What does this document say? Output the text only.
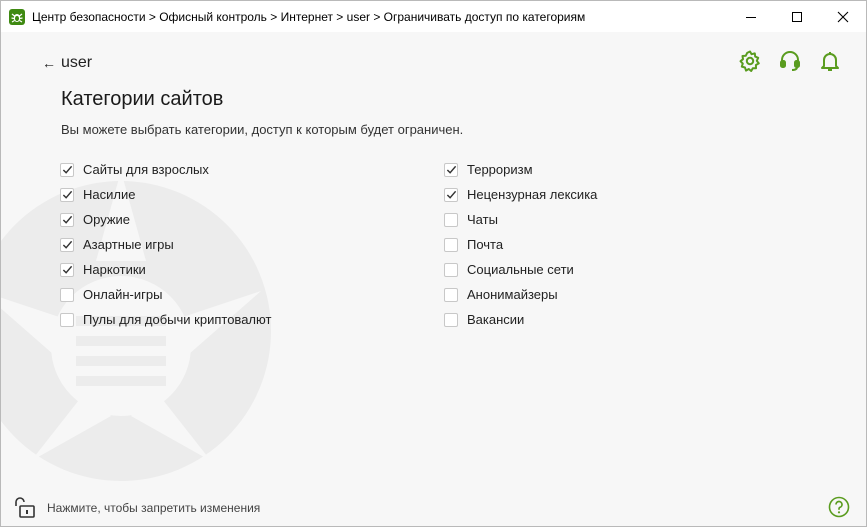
Центр безопасности > Офисный контроль > Интернет > user > Ограничивать доступ по категориям
← user
Категории сайтов
Вы можете выбрать категории, доступ к которым будет ограничен.
Сайты для взрослых
Насилие
Оружие
Азартные игры
Наркотики
Онлайн-игры
Пулы для добычи криптовалют
Терроризм
Нецензурная лексика
Чаты
Почта
Социальные сети
Анонимайзеры
Вакансии
Нажмите, чтобы запретить изменения
